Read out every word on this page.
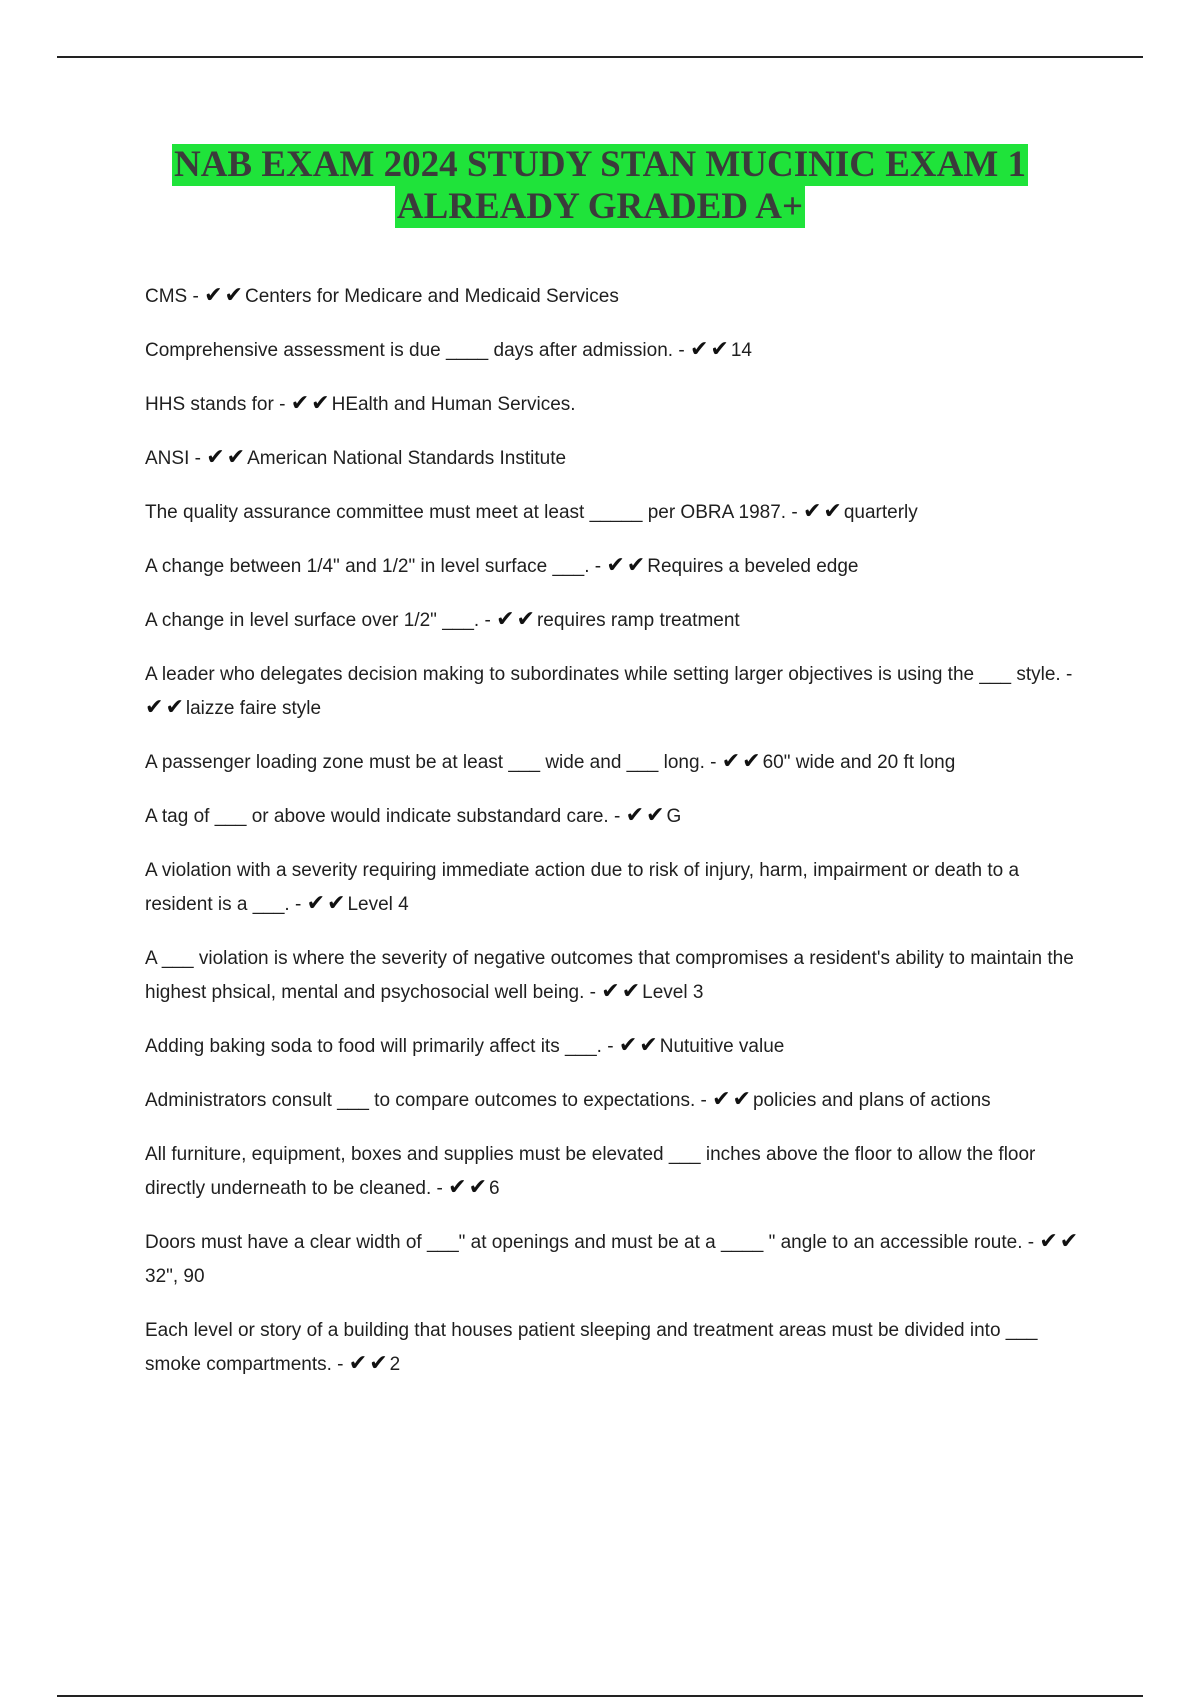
NAB EXAM 2024 STUDY STAN MUCINIC EXAM 1
ALREADY GRADED A+
CMS - ✔✔ Centers for Medicare and Medicaid Services
Comprehensive assessment is due ____ days after admission. - ✔✔ 14
HHS stands for - ✔✔ HEalth and Human Services.
ANSI - ✔✔ American National Standards Institute
The quality assurance committee must meet at least _____ per OBRA 1987. - ✔✔ quarterly
A change between 1/4" and 1/2" in level surface ___. - ✔✔ Requires a beveled edge
A change in level surface over 1/2" ___. - ✔✔ requires ramp treatment
A leader who delegates decision making to subordinates while setting larger objectives is using the ___ style. - ✔✔ laizze faire style
A passenger loading zone must be at least ___ wide and ___ long. - ✔✔ 60" wide and 20 ft long
A tag of ___ or above would indicate substandard care. - ✔✔ G
A violation with a severity requiring immediate action due to risk of injury, harm, impairment or death to a resident is a ___. - ✔✔ Level 4
A ___ violation is where the severity of negative outcomes that compromises a resident's ability to maintain the highest phsical, mental and psychosocial well being. - ✔✔ Level 3
Adding baking soda to food will primarily affect its ___. - ✔✔ Nutuitive value
Administrators consult ___ to compare outcomes to expectations. - ✔✔ policies and plans of actions
All furniture, equipment, boxes and supplies must be elevated ___ inches above the floor to allow the floor directly underneath to be cleaned. - ✔✔ 6
Doors must have a clear width of ___" at openings and must be at a ____ " angle to an accessible route. - ✔✔32", 90
Each level or story of a building that houses patient sleeping and treatment areas must be divided into ___ smoke compartments. - ✔✔ 2
